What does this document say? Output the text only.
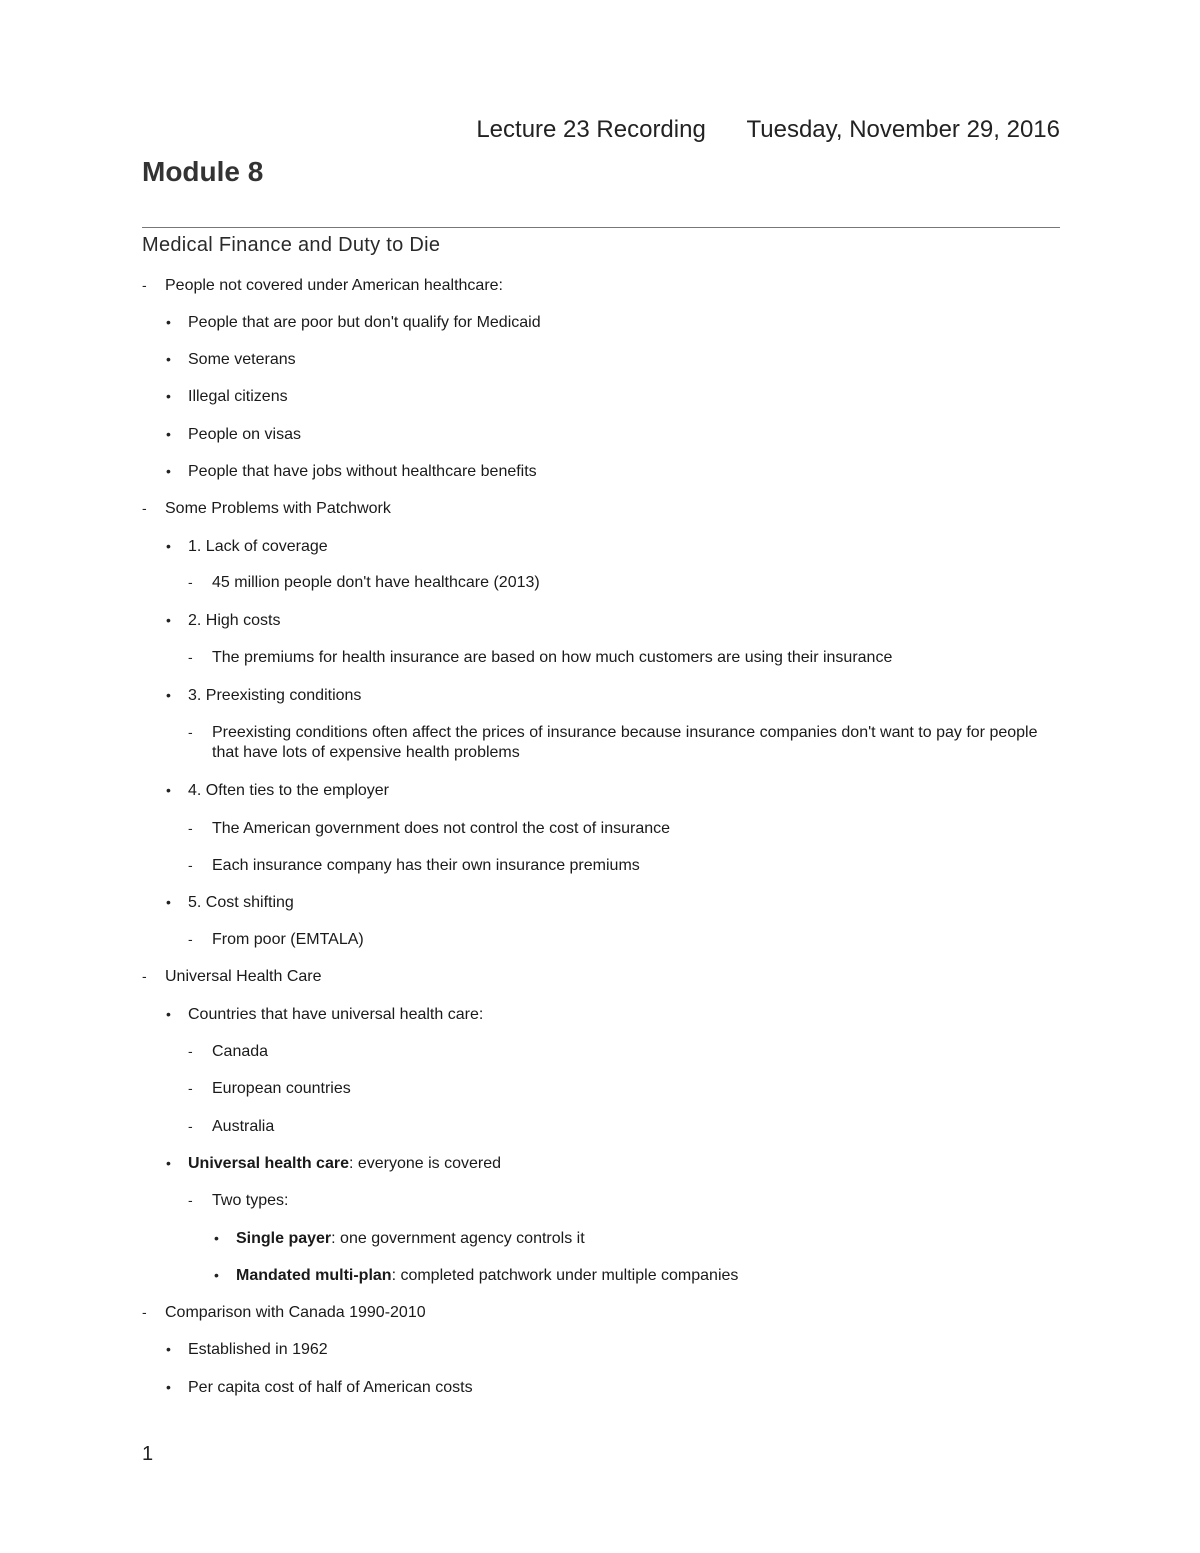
Lecture 23 Recording Tuesday, November 29, 2016
Module 8
Medical Finance and Duty to Die
- People not covered under American healthcare:
• People that are poor but don't qualify for Medicaid
• Some veterans
• Illegal citizens
• People on visas
• People that have jobs without healthcare benefits
- Some Problems with Patchwork
• 1. Lack of coverage
- 45 million people don't have healthcare (2013)
• 2. High costs
- The premiums for health insurance are based on how much customers are using their insurance
• 3. Preexisting conditions
- Preexisting conditions often affect the prices of insurance because insurance companies don't want to pay for people that have lots of expensive health problems
• 4. Often ties to the employer
- The American government does not control the cost of insurance
- Each insurance company has their own insurance premiums
• 5. Cost shifting
- From poor (EMTALA)
- Universal Health Care
• Countries that have universal health care:
- Canada
- European countries
- Australia
• Universal health care: everyone is covered
- Two types:
• Single payer: one government agency controls it
• Mandated multi-plan: completed patchwork under multiple companies
- Comparison with Canada 1990-2010
• Established in 1962
• Per capita cost of half of American costs
1
